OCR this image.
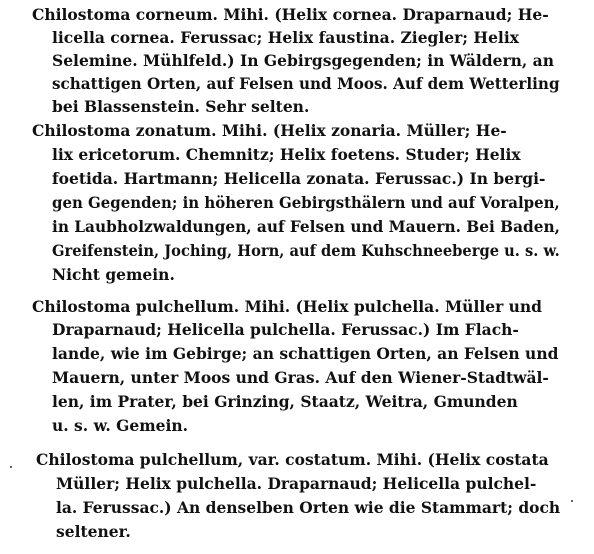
Chilostoma corneum. Mihi. (Helix cornea. Draparnaud; He-
licella cornea. Ferussac; Helix faustina. Ziegler; Helix
Selemine. Mühlfeld.) In Gebirgsgegenden; in Wäldern, an
schattigen Orten, auf Felsen und Moos. Auf dem Wetterling
bei Blassenstein. Sehr selten.
Chilostoma zonatum. Mihi. (Helix zonaria. Müller; He-
lix ericetorum. Chemnitz; Helix foetens. Studer; Helix
foetida. Hartmann; Helicella zonata. Ferussac.) In bergi-
gen Gegenden; in höheren Gebirgsthälern und auf Voralpen,
in Laubholzwaldungen, auf Felsen und Mauern. Bei Baden,
Greifenstein, Joching, Horn, auf dem Kuhschneeberge u. s. w.
Nicht gemein.
Chilostoma pulchellum. Mihi. (Helix pulchella. Müller und
Draparnaud; Helicella pulchella. Ferussac.) Im Flach-
lande, wie im Gebirge; an schattigen Orten, an Felsen und
Mauern, unter Moos und Gras. Auf den Wiener-Stadtwäl-
len, im Prater, bei Grinzing, Staatz, Weitra, Gmunden
u. s. w. Gemein.
Chilostoma pulchellum, var. costatum. Mihi. (Helix costata
Müller; Helix pulchella. Draparnaud; Helicella pulchel-
la. Ferussac.) An denselben Orten wie die Stammart; doch
seltener.
